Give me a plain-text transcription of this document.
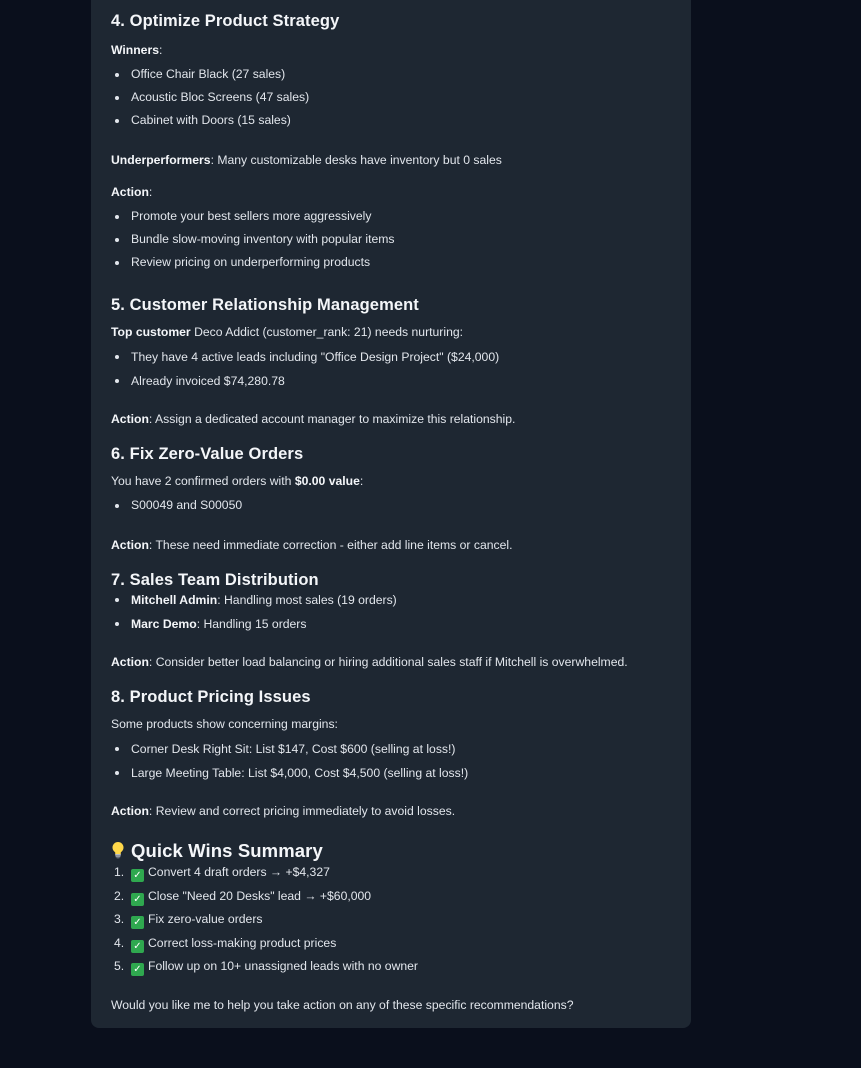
4. Optimize Product Strategy

Winners:

Office Chair Black (27 sales)
Acoustic Bloc Screens (47 sales)
Cabinet with Doors (15 sales)

Underperformers: Many customizable desks have inventory but 0 sales

Action:

Promote your best sellers more aggressively
Bundle slow-moving inventory with popular items
Review pricing on underperforming products
5. Customer Relationship Management

Top customer Deco Addict (customer_rank: 21) needs nurturing:

They have 4 active leads including "Office Design Project" ($24,000)
Already invoiced $74,280.78

Action: Assign a dedicated account manager to maximize this relationship.

6. Fix Zero-Value Orders

You have 2 confirmed orders with $0.00 value:

S00049 and S00050

Action: These need immediate correction - either add line items or cancel.

7. Sales Team Distribution
Mitchell Admin: Handling most sales (19 orders)
Marc Demo: Handling 15 orders

Action: Consider better load balancing or hiring additional sales staff if Mitchell is overwhelmed.

8. Product Pricing Issues

Some products show concerning margins:

Corner Desk Right Sit: List $147, Cost $600 (selling at loss!)
Large Meeting Table: List $4,000, Cost $4,500 (selling at loss!)

Action: Review and correct pricing immediately to avoid losses.

Quick Wins Summary
1. ✓ Convert 4 draft orders → +$4,327
2. ✓ Close "Need 20 Desks" lead → +$60,000
3. ✓ Fix zero-value orders
4. ✓ Correct loss-making product prices
5. ✓ Follow up on 10+ unassigned leads with no owner

Would you like me to help you take action on any of these specific recommendations?
